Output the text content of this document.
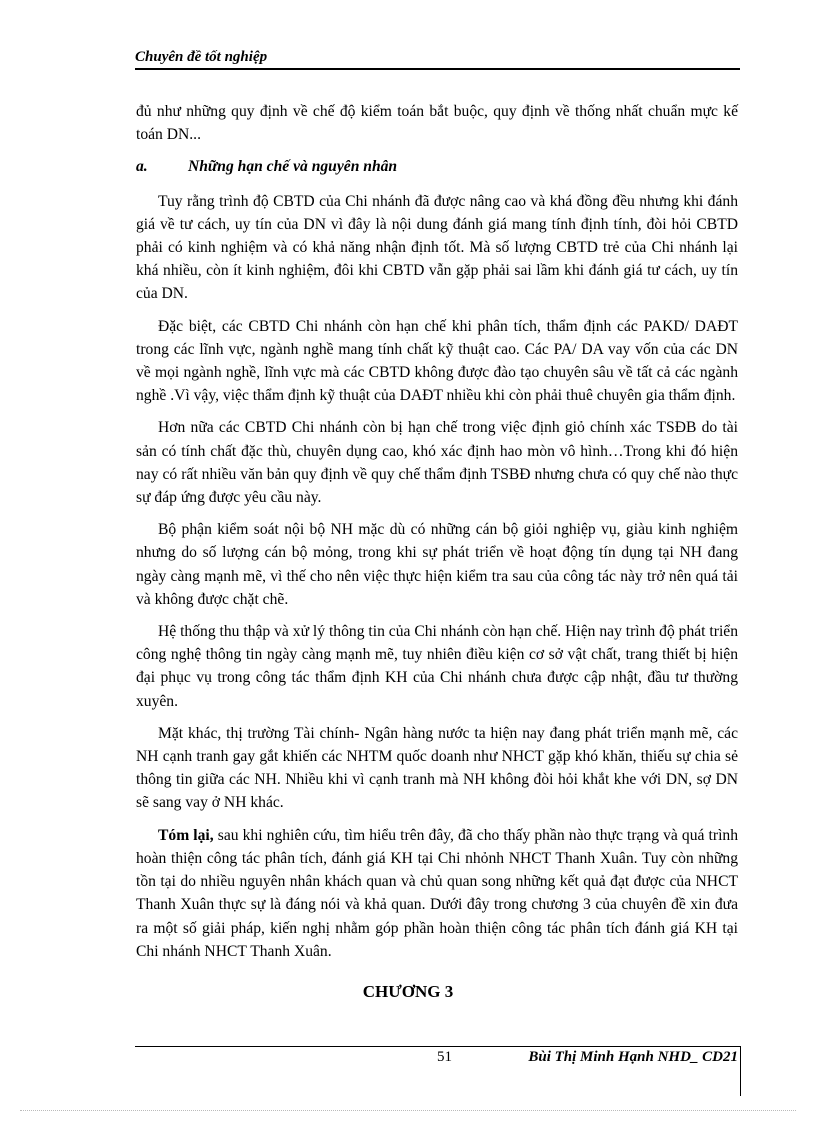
Chuyên đề tốt nghiệp

đủ như những quy định về chế độ kiểm toán bắt buộc, quy định về thống nhất chuẩn mực kế toán DN...

a.	Những hạn chế và nguyên nhân

Tuy rằng trình độ CBTD của Chi nhánh đã được nâng cao và khá đồng đều nhưng khi đánh giá về tư cách, uy tín của DN vì đây là nội dung đánh giá mang tính định tính, đòi hỏi CBTD phải có kinh nghiệm và có khả năng nhận định tốt. Mà số lượng CBTD trẻ của Chi nhánh lại khá nhiều, còn ít kinh nghiệm, đôi khi CBTD vẫn gặp phải sai lầm khi đánh giá tư cách, uy tín của DN.

Đặc biệt, các CBTD Chi nhánh còn hạn chế khi phân tích, thẩm định các PAKD/ DAĐT trong các lĩnh vực, ngành nghề mang tính chất kỹ thuật cao. Các PA/ DA vay vốn của các DN về mọi ngành nghề, lĩnh vực mà các CBTD không được đào tạo chuyên sâu về tất cả các ngành nghề .Vì vậy, việc thẩm định kỹ thuật của DAĐT nhiều khi còn phải thuê chuyên gia thẩm định.

Hơn nữa các CBTD Chi nhánh còn bị hạn chế trong việc định giỏ chính xác TSĐB do tài sản có tính chất đặc thù, chuyên dụng cao, khó xác định hao mòn vô hình…Trong khi đó hiện nay có rất nhiều văn bản quy định về quy chế thẩm định TSBĐ nhưng chưa có quy chế nào thực sự đáp ứng được yêu cầu này.

Bộ phận kiểm soát nội bộ NH mặc dù có những cán bộ giỏi nghiệp vụ, giàu kinh nghiệm nhưng do số lượng cán bộ mỏng, trong khi sự phát triển về hoạt động tín dụng tại NH đang ngày càng mạnh mẽ, vì thế cho nên việc thực hiện kiểm tra sau của công tác này trở nên quá tải và không được chặt chẽ.

Hệ thống thu thập và xử lý thông tin của Chi nhánh còn hạn chế. Hiện nay trình độ phát triển công nghệ thông tin ngày càng mạnh mẽ, tuy nhiên điều kiện cơ sở vật chất, trang thiết bị hiện đại phục vụ trong công tác thẩm định KH của Chi nhánh chưa được cập nhật, đầu tư thường xuyên.

Mặt khác, thị trường Tài chính- Ngân hàng nước ta hiện nay đang phát triển mạnh mẽ, các NH cạnh tranh gay gắt khiến các NHTM quốc doanh như NHCT gặp khó khăn, thiếu sự chia sẻ thông tin giữa các NH. Nhiều khi vì cạnh tranh mà NH không đòi hỏi khắt khe với DN, sợ DN sẽ sang vay ở NH khác.

Tóm lại, sau khi nghiên cứu, tìm hiểu trên đây, đã cho thấy phần nào thực trạng và quá trình hoàn thiện công tác phân tích, đánh giá KH tại Chi nhỏnh NHCT Thanh Xuân. Tuy còn những tồn tại do nhiều nguyên nhân khách quan và chủ quan song những kết quả đạt được của NHCT Thanh Xuân thực sự là đáng nói và khả quan. Dưới đây trong chương 3 của chuyên đề xin đưa ra một số giải pháp, kiến nghị nhằm góp phần hoàn thiện công tác phân tích đánh giá KH tại Chi nhánh NHCT Thanh Xuân.

CHƯƠNG 3
51	Bùi Thị Minh Hạnh NHD_ CD21
